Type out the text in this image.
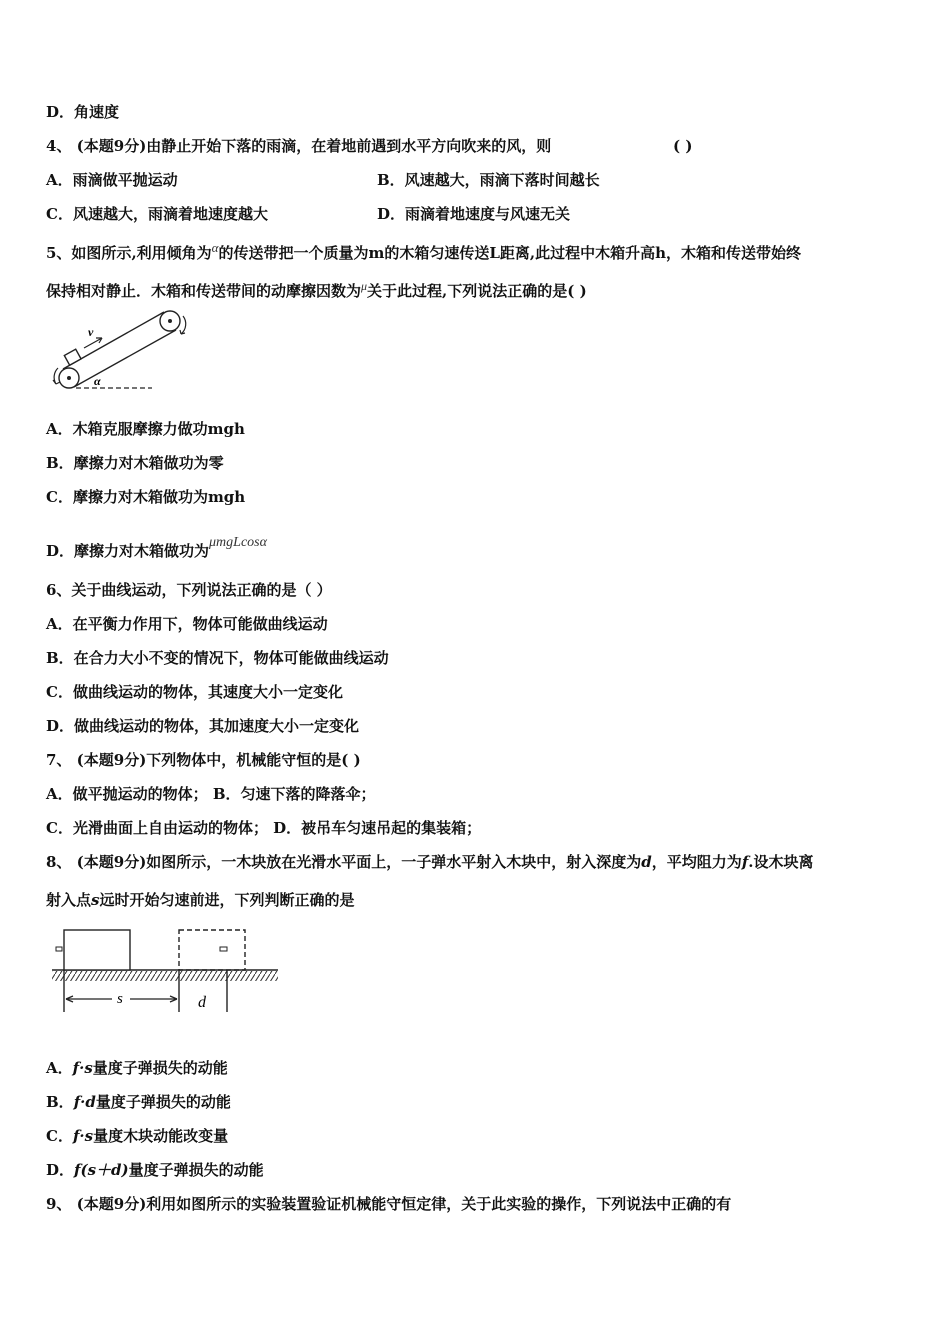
D．角速度
4、 (本题9分)由静止开始下落的雨滴，在着地前遇到水平方向吹来的风，则	( )
A．雨滴做平抛运动	B．风速越大，雨滴下落时间越长
C．风速越大，雨滴着地速度越大	D．雨滴着地速度与风速无关
5、如图所示,利用倾角为α的传送带把一个质量为m的木箱匀速传送L距离,此过程中木箱升高h，木箱和传送带始终
保持相对静止．木箱和传送带间的动摩擦因数为$^\mu$关于此过程,下列说法正确的是( )
v
α
A．木箱克服摩擦力做功mgh
B．摩擦力对木箱做功为零
C．摩擦力对木箱做功为mgh
D．摩擦力对木箱做功为μmgLcosα
6、关于曲线运动，下列说法正确的是（ ）
A．在平衡力作用下，物体可能做曲线运动
B．在合力大小不变的情况下，物体可能做曲线运动
C．做曲线运动的物体，其速度大小一定变化
D．做曲线运动的物体，其加速度大小一定变化
7、 (本题9分)下列物体中，机械能守恒的是( )
A．做平抛运动的物体； B．匀速下落的降落伞；
C．光滑曲面上自由运动的物体； D．被吊车匀速吊起的集装箱；
8、 (本题9分)如图所示，一木块放在光滑水平面上，一子弹水平射入木块中，射入深度为d，平均阻力为f.设木块离
射入点s远时开始匀速前进，下列判断正确的是
s	d
A．f·s量度子弹损失的动能
B．f·d量度子弹损失的动能
C．f·s量度木块动能改变量
D．f(s＋d)量度子弹损失的动能
9、 (本题9分)利用如图所示的实验装置验证机械能守恒定律，关于此实验的操作，下列说法中正确的有
